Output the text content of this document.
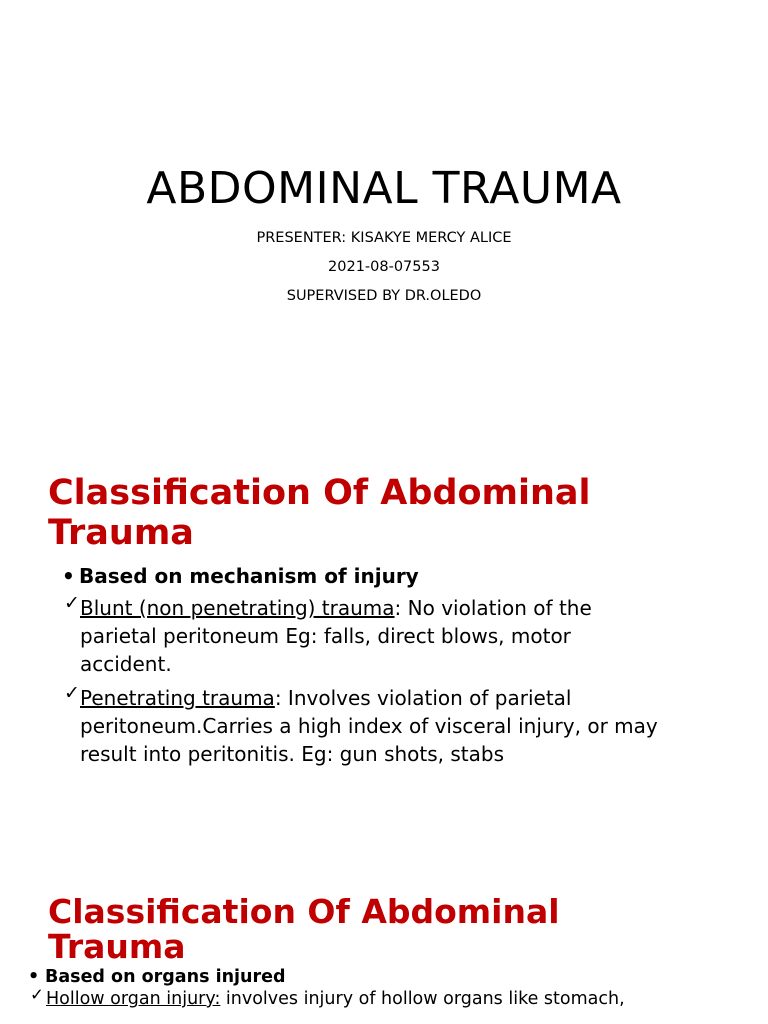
ABDOMINAL TRAUMA
PRESENTER: KISAKYE MERCY ALICE
2021-08-07553
SUPERVISED BY DR.OLEDO
Classification Of Abdominal Trauma
• Based on mechanism of injury
✓ Blunt (non penetrating) trauma: No violation of the parietal peritoneum Eg: falls, direct blows, motor accident.
✓ Penetrating trauma: Involves violation of parietal peritoneum.Carries a high index of visceral injury, or may result into peritonitis. Eg: gun shots, stabs
Classification Of Abdominal Trauma
• Based on organs injured
✓ Hollow organ injury: involves injury of hollow organs like stomach,
